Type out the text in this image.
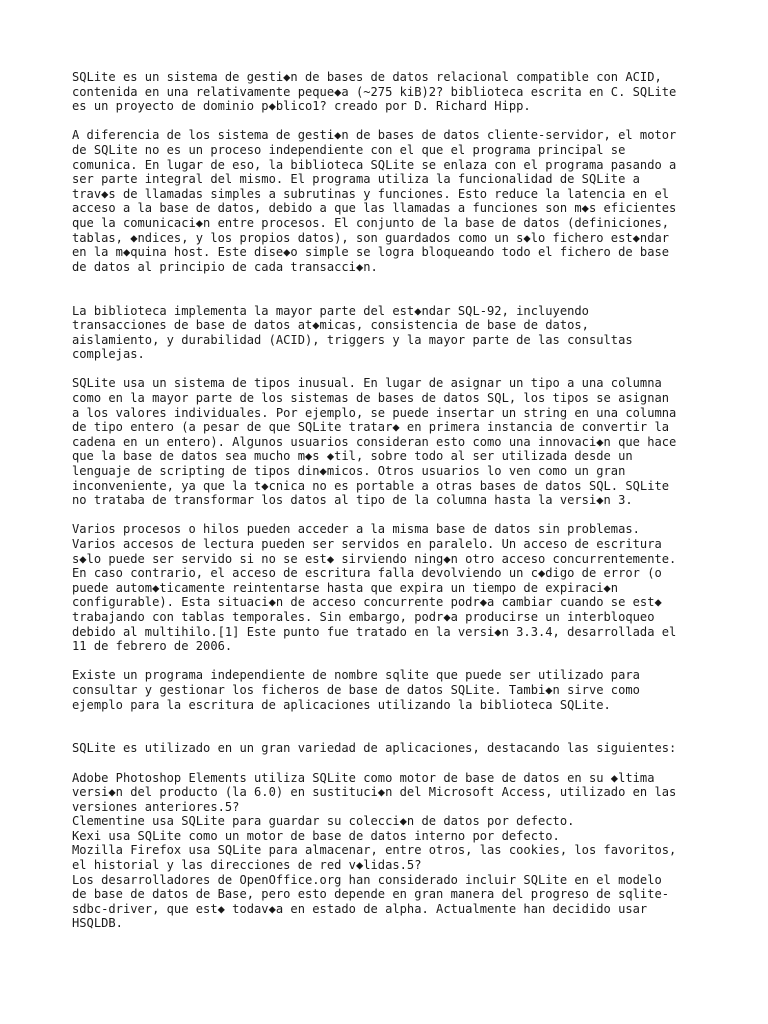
SQLite es un sistema de gesti◆n de bases de datos relacional compatible con ACID,
contenida en una relativamente peque◆a (~275 kiB)2? biblioteca escrita en C. SQLite
es un proyecto de dominio p◆blico1? creado por D. Richard Hipp.

A diferencia de los sistema de gesti◆n de bases de datos cliente-servidor, el motor
de SQLite no es un proceso independiente con el que el programa principal se
comunica. En lugar de eso, la biblioteca SQLite se enlaza con el programa pasando a
ser parte integral del mismo. El programa utiliza la funcionalidad de SQLite a
trav◆s de llamadas simples a subrutinas y funciones. Esto reduce la latencia en el
acceso a la base de datos, debido a que las llamadas a funciones son m◆s eficientes
que la comunicaci◆n entre procesos. El conjunto de la base de datos (definiciones,
tablas, ◆ndices, y los propios datos), son guardados como un s◆lo fichero est◆ndar
en la m◆quina host. Este dise◆o simple se logra bloqueando todo el fichero de base
de datos al principio de cada transacci◆n.

La biblioteca implementa la mayor parte del est◆ndar SQL-92, incluyendo
transacciones de base de datos at◆micas, consistencia de base de datos,
aislamiento, y durabilidad (ACID), triggers y la mayor parte de las consultas
complejas.

SQLite usa un sistema de tipos inusual. En lugar de asignar un tipo a una columna
como en la mayor parte de los sistemas de bases de datos SQL, los tipos se asignan
a los valores individuales. Por ejemplo, se puede insertar un string en una columna
de tipo entero (a pesar de que SQLite tratar◆ en primera instancia de convertir la
cadena en un entero). Algunos usuarios consideran esto como una innovaci◆n que hace
que la base de datos sea mucho m◆s ◆til, sobre todo al ser utilizada desde un
lenguaje de scripting de tipos din◆micos. Otros usuarios lo ven como un gran
inconveniente, ya que la t◆cnica no es portable a otras bases de datos SQL. SQLite
no trataba de transformar los datos al tipo de la columna hasta la versi◆n 3.

Varios procesos o hilos pueden acceder a la misma base de datos sin problemas.
Varios accesos de lectura pueden ser servidos en paralelo. Un acceso de escritura
s◆lo puede ser servido si no se est◆ sirviendo ning◆n otro acceso concurrentemente.
En caso contrario, el acceso de escritura falla devolviendo un c◆digo de error (o
puede autom◆ticamente reintentarse hasta que expira un tiempo de expiraci◆n
configurable). Esta situaci◆n de acceso concurrente podr◆a cambiar cuando se est◆
trabajando con tablas temporales. Sin embargo, podr◆a producirse un interbloqueo
debido al multihilo.[1] Este punto fue tratado en la versi◆n 3.3.4, desarrollada el
11 de febrero de 2006.

Existe un programa independiente de nombre sqlite que puede ser utilizado para
consultar y gestionar los ficheros de base de datos SQLite. Tambi◆n sirve como
ejemplo para la escritura de aplicaciones utilizando la biblioteca SQLite.

SQLite es utilizado en un gran variedad de aplicaciones, destacando las siguientes:

Adobe Photoshop Elements utiliza SQLite como motor de base de datos en su ◆ltima
versi◆n del producto (la 6.0) en sustituci◆n del Microsoft Access, utilizado en las
versiones anteriores.5?
Clementine usa SQLite para guardar su colecci◆n de datos por defecto.
Kexi usa SQLite como un motor de base de datos interno por defecto.
Mozilla Firefox usa SQLite para almacenar, entre otros, las cookies, los favoritos,
el historial y las direcciones de red v◆lidas.5?
Los desarrolladores de OpenOffice.org han considerado incluir SQLite en el modelo
de base de datos de Base, pero esto depende en gran manera del progreso de sqlite-
sdbc-driver, que est◆ todav◆a en estado de alpha. Actualmente han decidido usar
HSQLDB.
